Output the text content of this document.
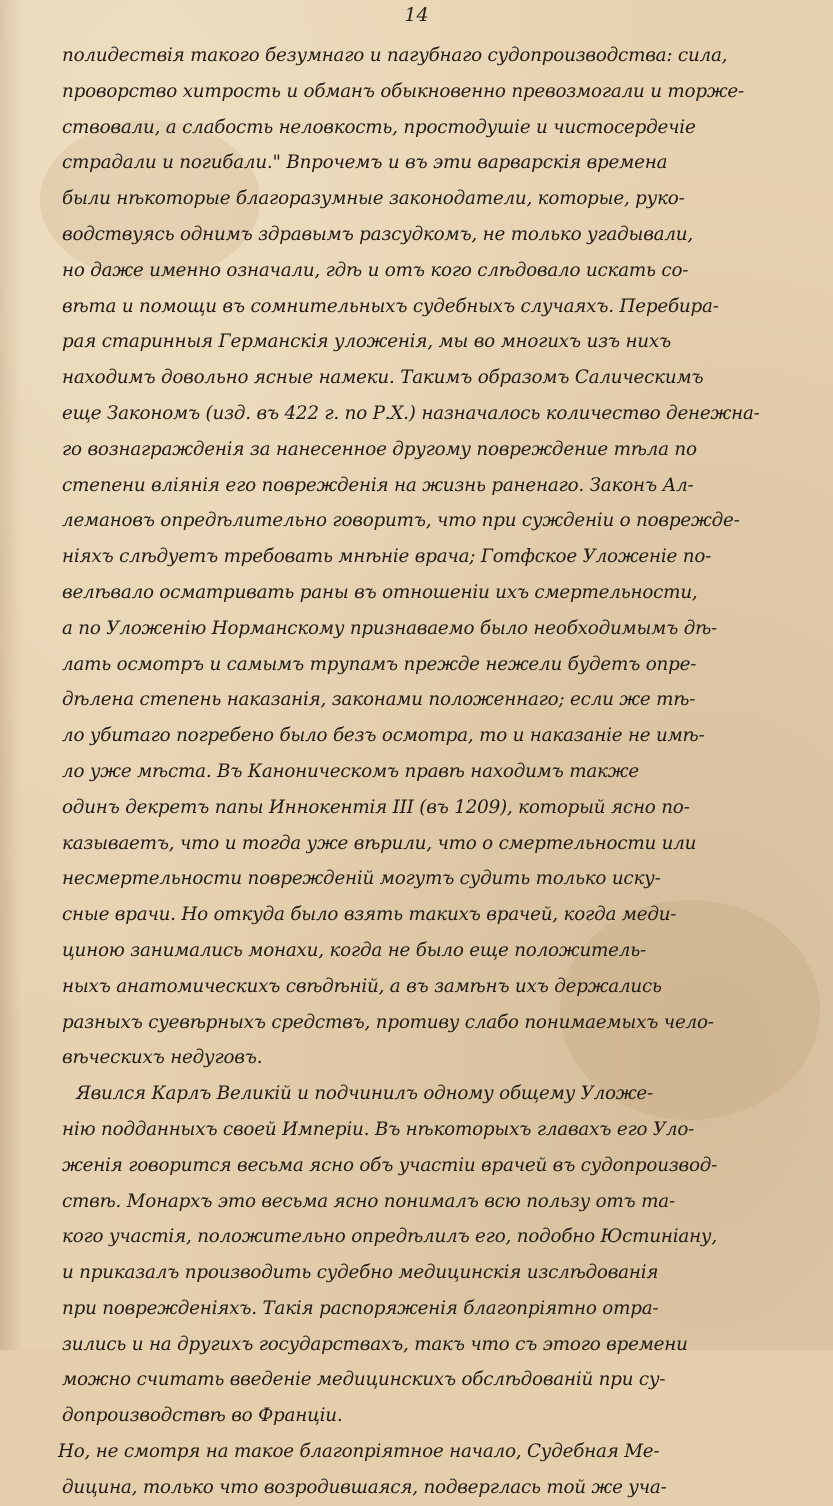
14
полидествія такого безумнаго и пагубнаго судопроизводства: сила,
проворство хитрость и обманъ обыкновенно превозмогали и торже-
ствовали, а слабость неловкость, простодушіе и чистосердечіе
страдали и погибали." Впрочемъ и въ эти варварскія времена
были нѣкоторые благоразумные законодатели, которые, руко-
водствуясь однимъ здравымъ разсудкомъ, не только угадывали,
но даже именно означали, гдѣ и отъ кого слѣдовало искать со-
вѣта и помощи въ сомнительныхъ судебныхъ случаяхъ. Перебира-
рая старинныя Германскія уложенія, мы во многихъ изъ нихъ
находимъ довольно ясные намеки. Такимъ образомъ Салическимъ
еще Закономъ (изд. въ 422 г. по Р.Х.) назначалось количество денежна-
го вознагражденія за нанесенное другому повреждение тѣла по
степени вліянія его поврежденія на жизнь раненаго. Законъ Ал-
лемановъ опредѣлительно говоритъ, что при сужденіи о поврежде-
ніяхъ слѣдуетъ требовать мнѣніе врача; Готфское Уложеніе по-
велѣвало осматривать раны въ отношеніи ихъ смертельности,
а по Уложенію Норманскому признаваемо было необходимымъ дѣ-
лать осмотръ и самымъ трупамъ прежде нежели будетъ опре-
дѣлена степень наказанія, законами положеннаго; если же тѣ-
ло убитаго погребено было безъ осмотра, то и наказаніе не имѣ-
ло уже мѣста. Въ Каноническомъ правѣ находимъ также
одинъ декретъ папы Иннокентія III (въ 1209), который ясно по-
казываетъ, что и тогда уже вѣрили, что о смертельности или
несмертельности поврежденій могутъ судить только иску-
сные врачи. Но откуда было взять такихъ врачей, когда меди-
циною занимались монахи, когда не было еще положитель-
ныхъ анатомическихъ свѣдѣній, а въ замѣнъ ихъ держались
разныхъ суевѣрныхъ средствъ, противу слабо понимаемыхъ чело-
вѣческихъ недуговъ.
Явился Карлъ Великій и подчинилъ одному общему Уложе-
нію подданныхъ своей Имперіи. Въ нѣкоторыхъ главахъ его Уло-
женія говорится весьма ясно объ участіи врачей въ судопроизвод-
ствѣ. Монархъ это весьма ясно понималъ всю пользу отъ та-
кого участія, положительно опредѣлилъ его, подобно Юстиніану,
и приказалъ производить судебно медицинскія изслѣдованія
при поврежденіяхъ. Такія распоряженія благопріятно отра-
зились и на другихъ государствахъ, такъ что съ этого времени
можно считать введеніе медицинскихъ обслѣдованій при су-
допроизводствѣ во Франціи.
Но, не смотря на такое благопріятное начало, Судебная Ме-
дицина, только что возродившаяся, подверглась той же уча-
